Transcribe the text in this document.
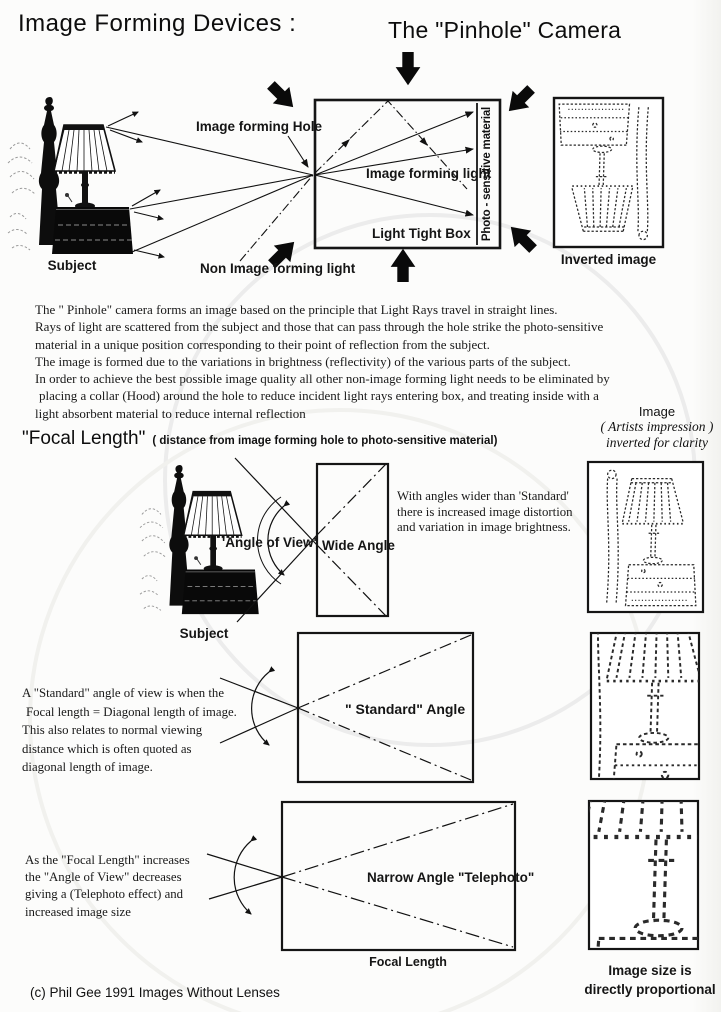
Image Forming Devices :	The "Pinhole" Camera
Image forming Hole
Image forming light
Light Tight Box Photo - sensitive material
Subject	Non Image forming light
Inverted image
The " Pinhole" camera forms an image based on the principle that Light Rays travel in straight lines.
Rays of light are scattered from the subject and those that can pass through the hole strike the photo-sensitive
material in a unique position corresponding to their point of reflection from the subject.
The image is formed due to the variations in brightness (reflectivity) of the various parts of the subject.
In order to achieve the best possible image quality all other non-image forming light needs to be eliminated by
placing a collar (Hood) around the hole to reduce incident light rays entering box, and treating inside with a
light absorbent material to reduce internal reflection
"Focal Length" ( distance from image forming hole to photo-sensitive material)
Image
( Artists impression )
inverted for clarity
'Angle of View' Wide Angle
With angles wider than 'Standard'
there is increased image distortion
and variation in image brightness.
Subject
A "Standard" angle of view is when the
Focal length = Diagonal length of image.
This also relates to normal viewing
distance which is often quoted as
diagonal length of image.
" Standard" Angle
As the "Focal Length" increases
the "Angle of View" decreases
giving a (Telephoto effect) and
increased image size
Narrow Angle "Telephoto"
Focal Length
Image size is
directly proportional
(c) Phil Gee 1991 Images Without Lenses
